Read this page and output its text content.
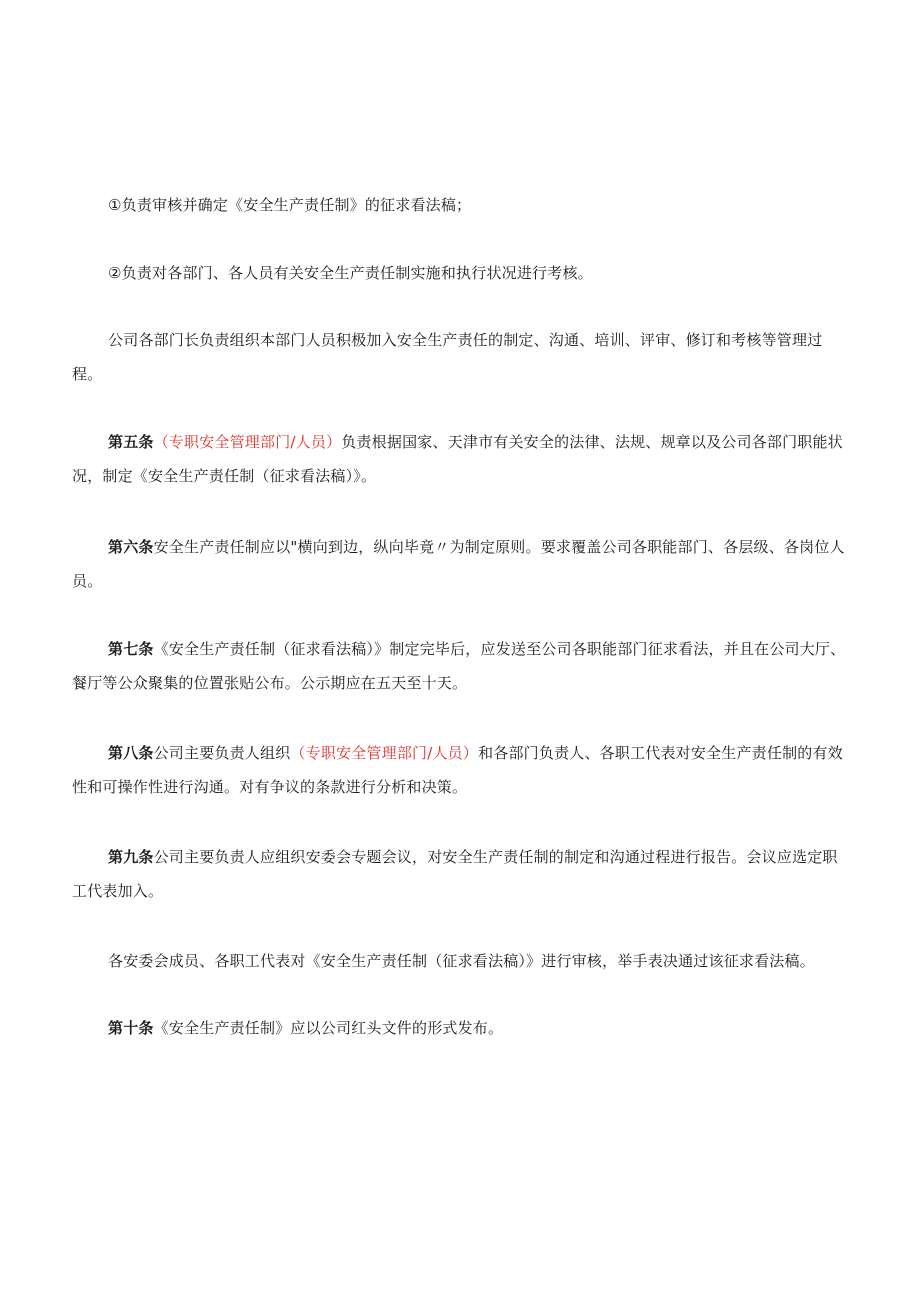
①负责审核并确定《安全生产责任制》的征求看法稿；

②负责对各部门、各人员有关安全生产责任制实施和执行状况进行考核。

公司各部门长负责组织本部门人员积极加入安全生产责任的制定、沟通、培训、评审、修订和考核等管理过程。

第五条（专职安全管理部门/人员）负责根据国家、天津市有关安全的法律、法规、规章以及公司各部门职能状况，制定《安全生产责任制（征求看法稿）》。

第六条安全生产责任制应以"横向到边，纵向毕竟〃为制定原则。要求覆盖公司各职能部门、各层级、各岗位人员。

第七条《安全生产责任制（征求看法稿）》制定完毕后，应发送至公司各职能部门征求看法，并且在公司大厅、餐厅等公众聚集的位置张贴公布。公示期应在五天至十天。

第八条公司主要负责人组织（专职安全管理部门/人员）和各部门负责人、各职工代表对安全生产责任制的有效性和可操作性进行沟通。对有争议的条款进行分析和决策。

第九条公司主要负责人应组织安委会专题会议，对安全生产责任制的制定和沟通过程进行报告。会议应选定职工代表加入。

各安委会成员、各职工代表对《安全生产责任制（征求看法稿）》进行审核，举手表决通过该征求看法稿。

第十条《安全生产责任制》应以公司红头文件的形式发布。
